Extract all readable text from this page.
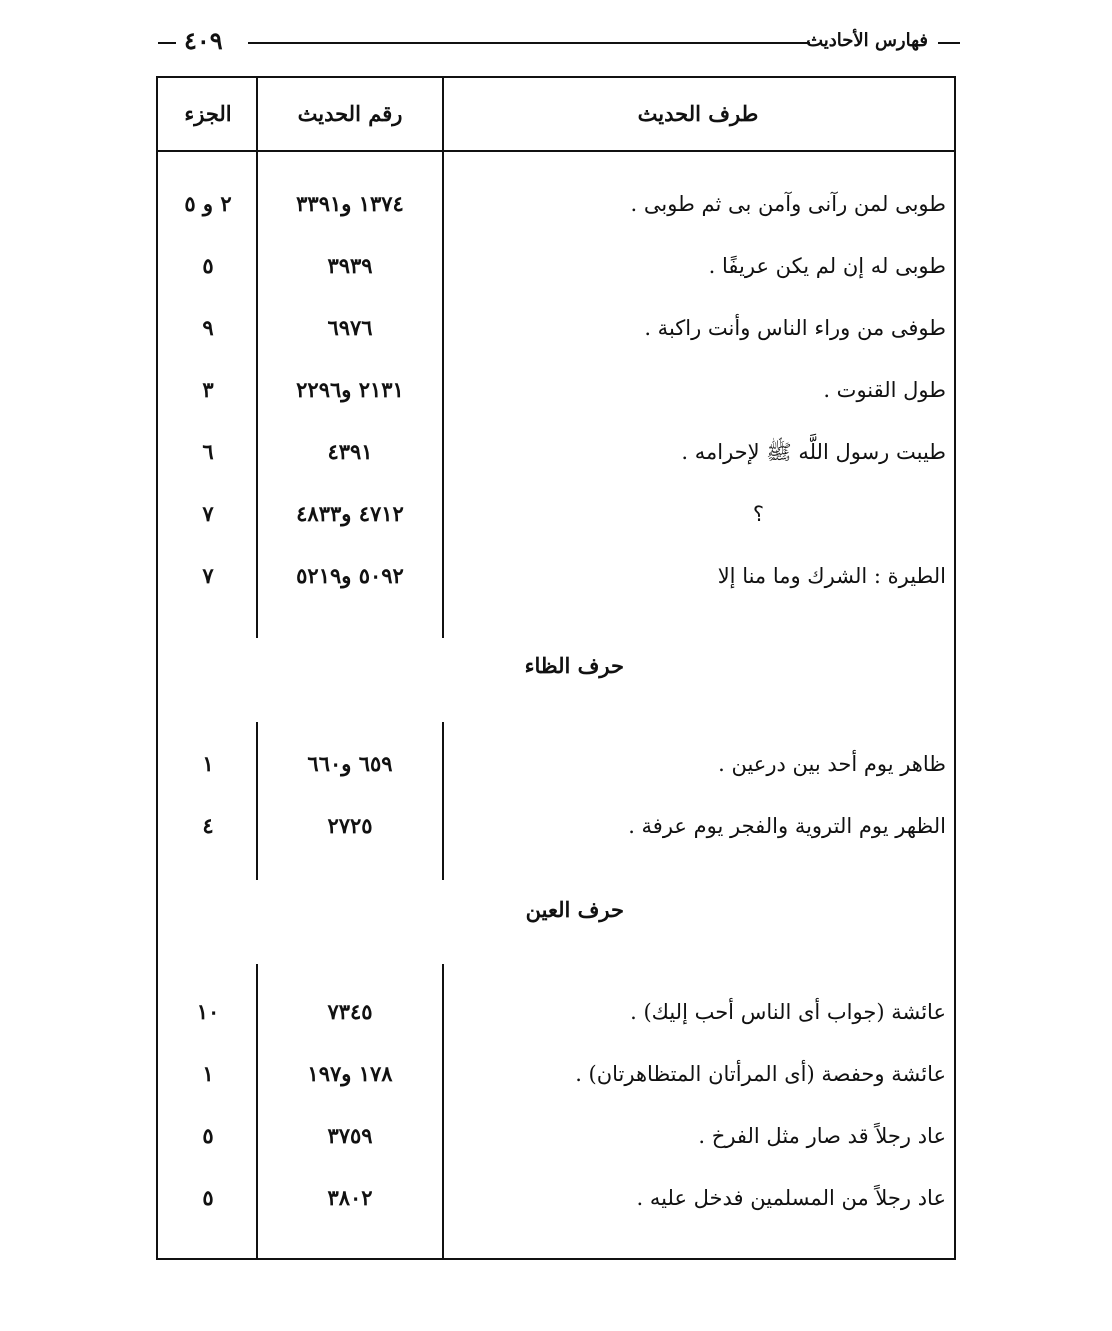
فهارس الأحاديث
٤٠٩
طرف الحديث
رقم الحديث
الجزء
طوبى لمن رآنى وآمن بى ثم طوبى .
١٣٧٤ و٣٣٩١
٢ و ٥
طوبى له إن لم يكن عريفًا .
٣٩٣٩
٥
طوفى من وراء الناس وأنت راكبة .
٦٩٧٦
٩
طول القنوت .
٢١٣١ و٢٢٩٦
٣
طيبت رسول اللَّه ﷺ لإحرامه .
٤٣٩١
٦
؟
٤٧١٢ و٤٨٣٣
٧
الطيرة : الشرك وما منا إلا
٥٠٩٢ و٥٢١٩
٧
حرف الظاء
ظاهر يوم أحد بين درعين .
٦٥٩ و٦٦٠
١
الظهر يوم التروية والفجر يوم عرفة .
٢٧٢٥
٤
حرف العين
عائشة (جواب أى الناس أحب إليك) .
٧٣٤٥
١٠
عائشة وحفصة (أى المرأتان المتظاهرتان) .
١٧٨ و١٩٧
١
عاد رجلاً قد صار مثل الفرخ .
٣٧٥٩
٥
عاد رجلاً من المسلمين فدخل عليه .
٣٨٠٢
٥
